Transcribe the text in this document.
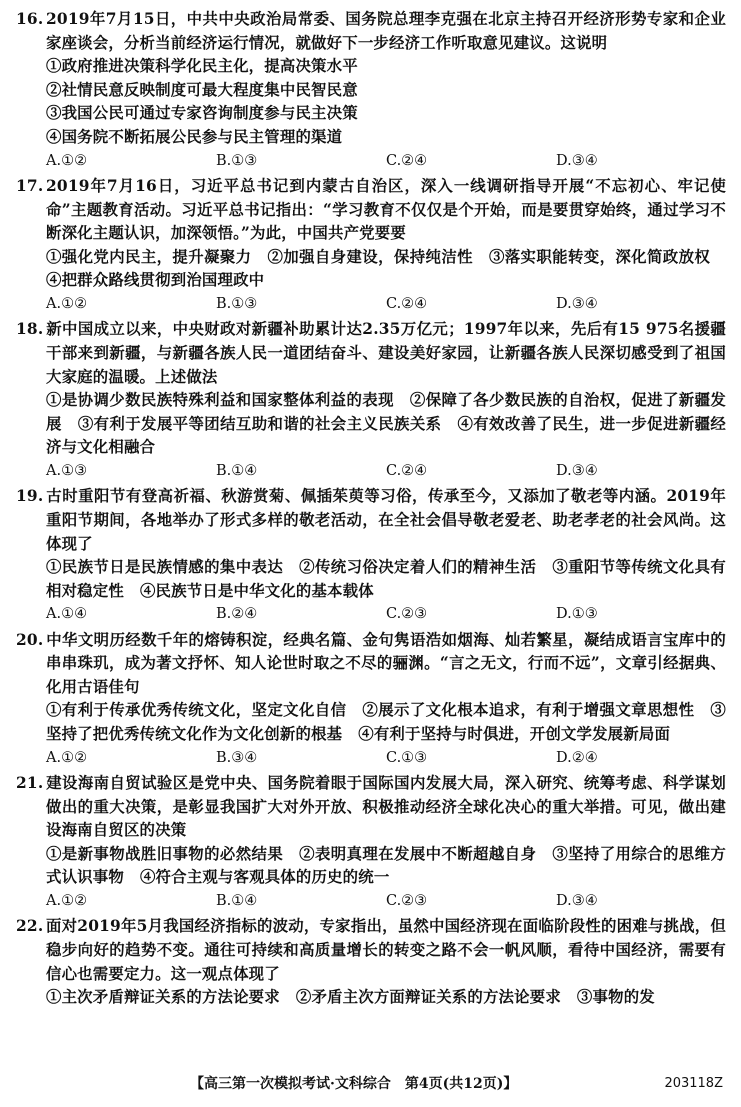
16. 2019年7月15日，中共中央政治局常委、国务院总理李克强在北京主持召开经济形势专家和企业家座谈会，分析当前经济运行情况，就做好下一步经济工作听取意见建议。这说明

①政府推进决策科学化民主化，提高决策水平
②社情民意反映制度可最大程度集中民智民意
③我国公民可通过专家咨询制度参与民主决策
④国务院不断拓展公民参与民主管理的渠道
A.①②	B.①③	C.②④	D.③④

17. 2019年7月16日，习近平总书记到内蒙古自治区，深入一线调研指导开展“不忘初心、牢记使命”主题教育活动。习近平总书记指出：“学习教育不仅仅是个开始，而是要贯穿始终，通过学习不断深化主题认识，加深领悟。”为此，中国共产党要要

①强化党内民主，提升凝聚力 ②加强自身建设，保持纯洁性 ③落实职能转变，深化简政放权④把群众路线贯彻到治国理政中
A.①②	B.①③	C.②④	D.③④

18. 新中国成立以来，中央财政对新疆补助累计达2.35万亿元；1997年以来，先后有15 975名援疆干部来到新疆，与新疆各族人民一道团结奋斗、建设美好家园，让新疆各族人民深切感受到了祖国大家庭的温暖。上述做法

①是协调少数民族特殊利益和国家整体利益的表现 ②保障了各少数民族的自治权，促进了新疆发展 ③有利于发展平等团结互助和谐的社会主义民族关系 ④有效改善了民生，进一步促进新疆经济与文化相融合
A.①③	B.①④	C.②④	D.③④

19. 古时重阳节有登高祈福、秋游赏菊、佩插茱萸等习俗，传承至今，又添加了敬老等内涵。2019年重阳节期间，各地举办了形式多样的敬老活动，在全社会倡导敬老爱老、助老孝老的社会风尚。这体现了

①民族节日是民族情感的集中表达 ②传统习俗决定着人们的精神生活 ③重阳节等传统文化具有相对稳定性 ④民族节日是中华文化的基本载体
A.①④	B.②④	C.②③	D.①③

20. 中华文明历经数千年的熔铸积淀，经典名篇、金句隽语浩如烟海、灿若繁星，凝结成语言宝库中的串串珠玑，成为著文抒怀、知人论世时取之不尽的骊渊。“言之无文，行而不远”，文章引经据典、化用古语佳句

①有利于传承优秀传统文化，坚定文化自信 ②展示了文化根本追求，有利于增强文章思想性 ③坚持了把优秀传统文化作为文化创新的根基 ④有利于坚持与时俱进，开创文学发展新局面
A.①②	B.③④	C.①③	D.②④

21. 建设海南自贸试验区是党中央、国务院着眼于国际国内发展大局，深入研究、统筹考虑、科学谋划做出的重大决策，是彰显我国扩大对外开放、积极推动经济全球化决心的重大举措。可见，做出建设海南自贸区的决策

①是新事物战胜旧事物的必然结果 ②表明真理在发展中不断超越自身 ③坚持了用综合的思维方式认识事物 ④符合主观与客观具体的历史的统一
A.①②	B.①④	C.②③	D.③④

22. 面对2019年5月我国经济指标的波动，专家指出，虽然中国经济现在面临阶段性的困难与挑战，但稳步向好的趋势不变。通往可持续和高质量增长的转变之路不会一帆风顺，看待中国经济，需要有信心也需要定力。这一观点体现了

①主次矛盾辩证关系的方法论要求 ②矛盾主次方面辩证关系的方法论要求 ③事物的发
【高三第一次模拟考试·文科综合　第4页(共12页)】	203118Z
